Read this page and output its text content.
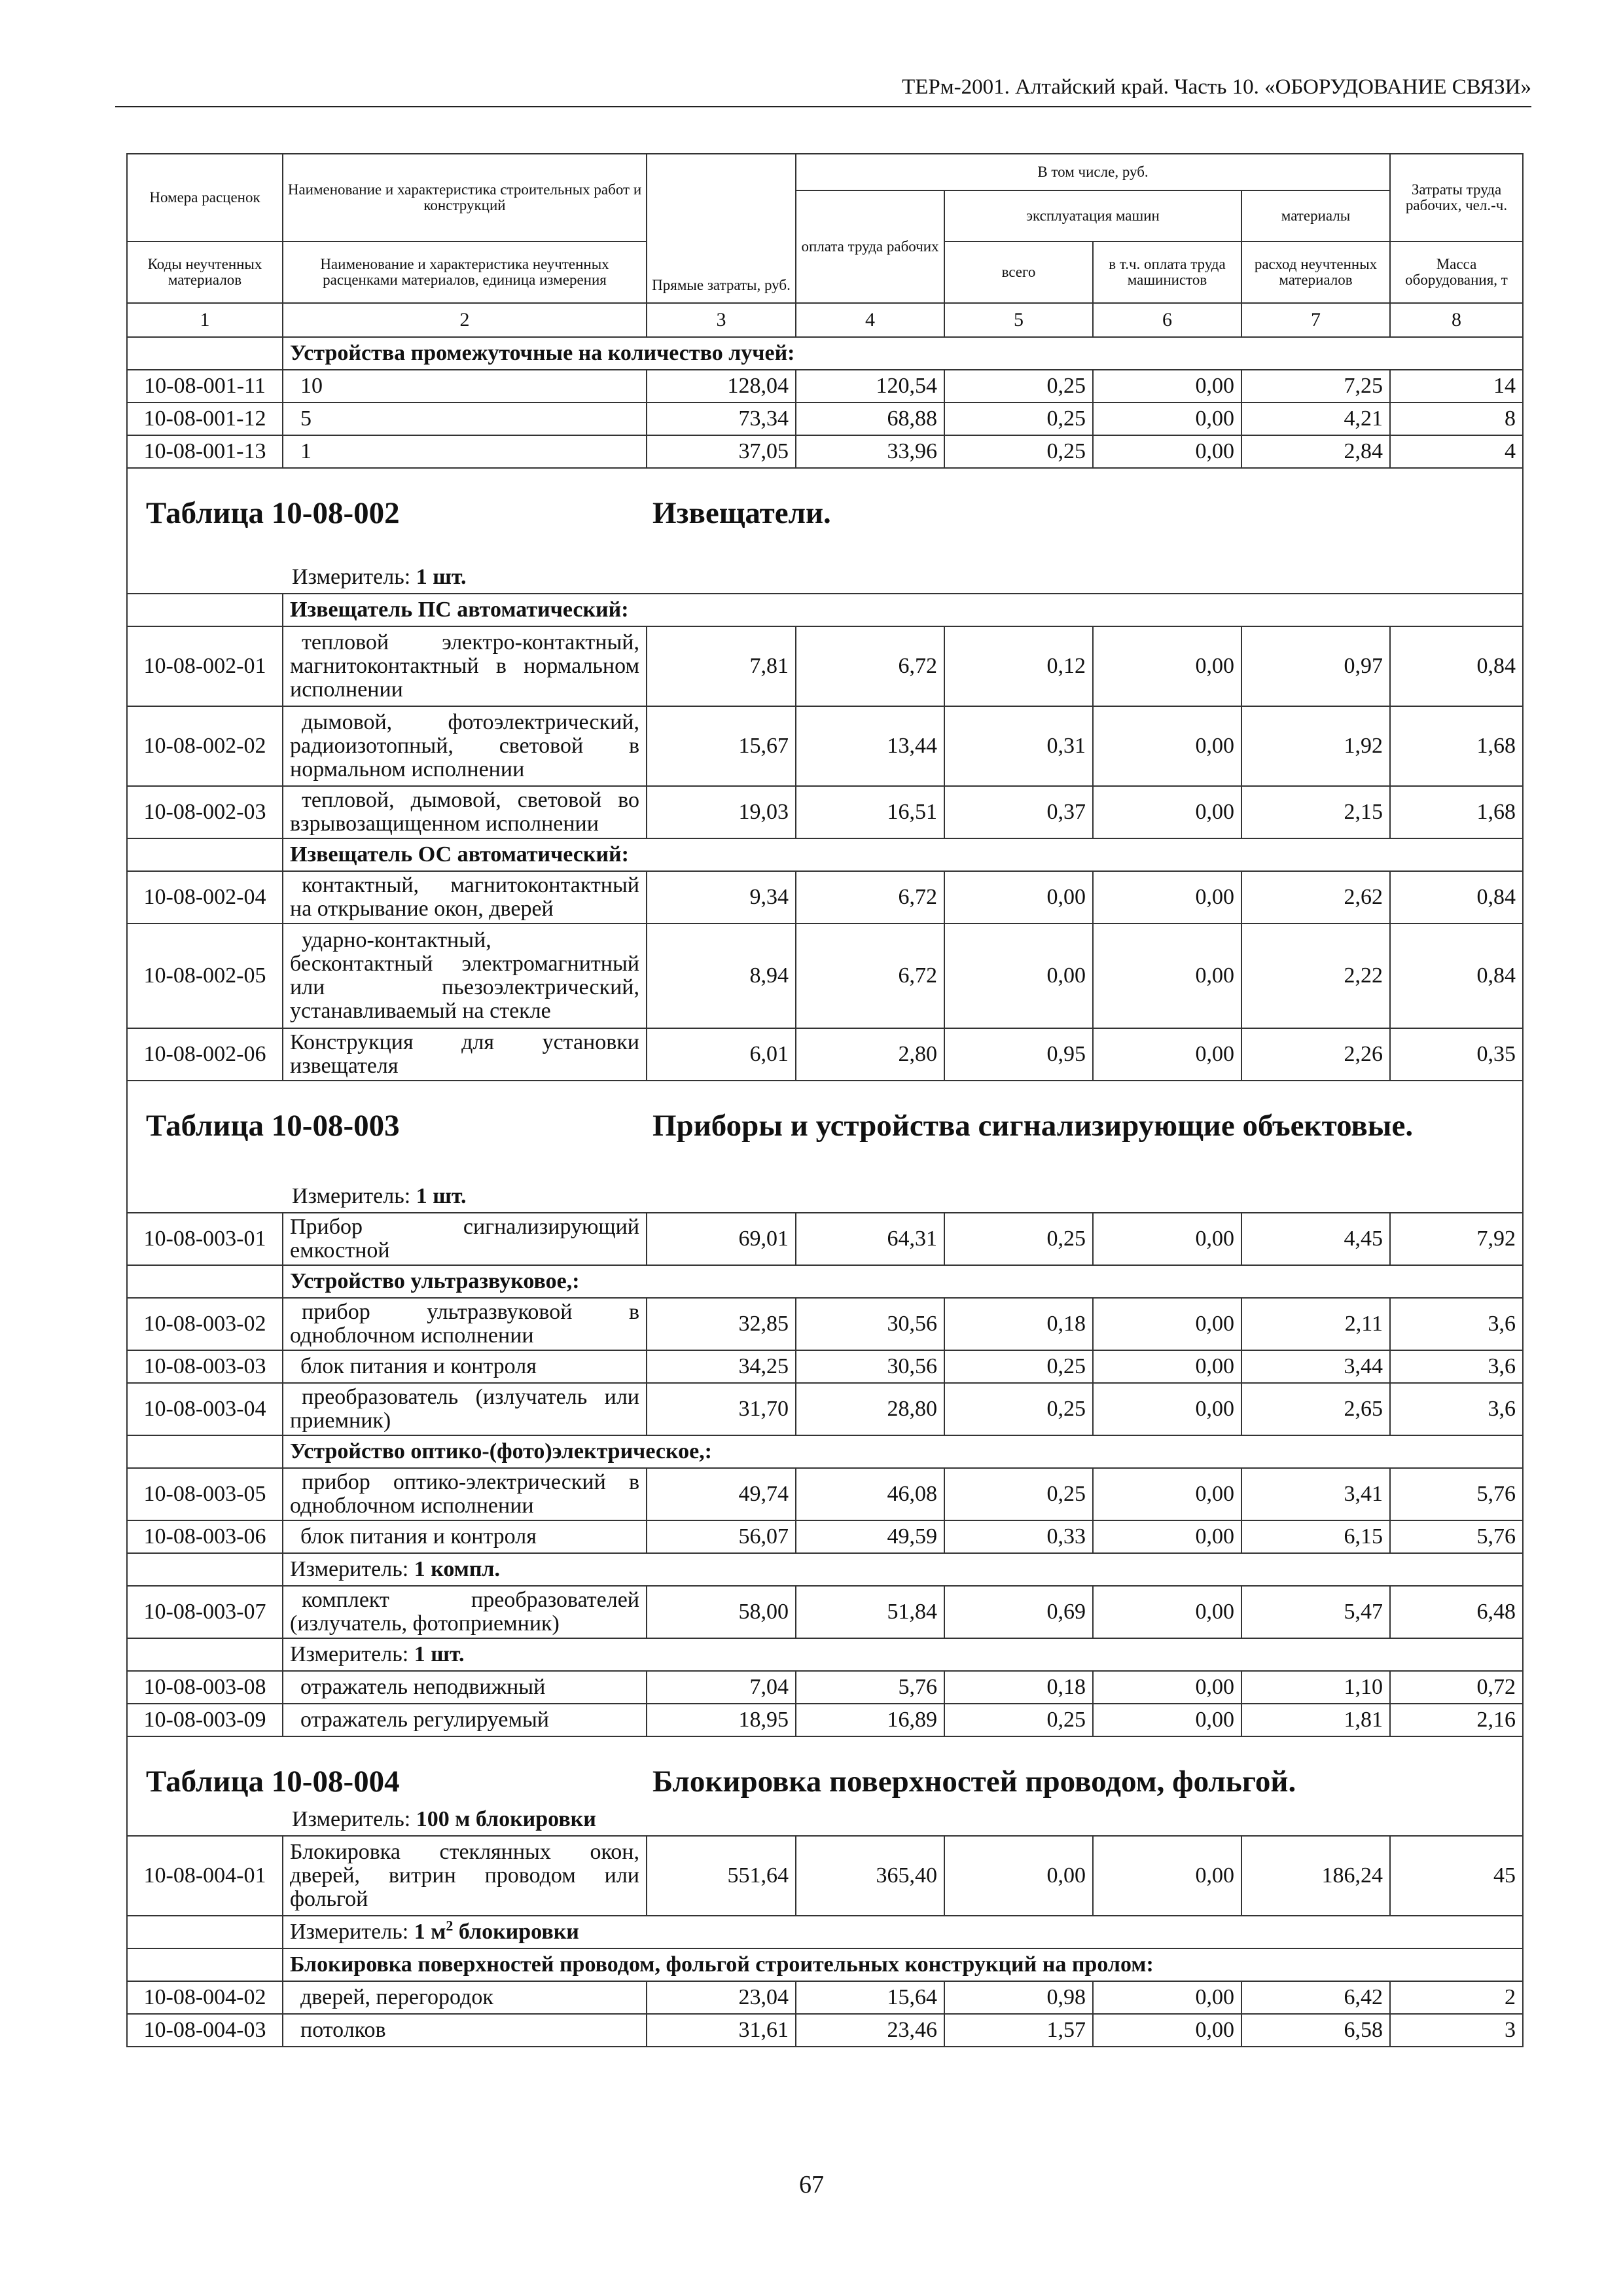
ТЕРм-2001. Алтайский край. Часть 10. «ОБОРУДОВАНИЕ СВЯЗИ»
Номера расценок	Наименование и характеристика строительных работ и конструкций	Прямые затраты, руб.	В том числе, руб.				Затраты труда рабочих, чел.-ч.
			оплата труда рабочих	эксплуатация машин		материалы	
Коды неучтенных материалов	Наименование и характеристика неучтенных расценками материалов, единица измерения			всего	в т.ч. оплата труда машинистов	расход неучтенных материалов	Масса оборудования, т
1	2	3	4	5	6	7	8
	Устройства промежуточные на количество лучей:						
10-08-001-11	10	128,04	120,54	0,25	0,00	7,25	14
10-08-001-12	5	73,34	68,88	0,25	0,00	4,21	8
10-08-001-13	1	37,05	33,96	0,25	0,00	2,84	4

Таблица 10-08-002 Извещатели.
Измеритель: 1 шт.							

	Извещатель ПС автоматический:						
10-08-002-01	тепловой электро-контактный, магнитоконтактный в нормальном исполнении	7,81	6,72	0,12	0,00	0,97	0,84
10-08-002-02	дымовой, фотоэлектрический, радиоизотопный, световой в нормальном исполнении	15,67	13,44	0,31	0,00	1,92	1,68
10-08-002-03	тепловой, дымовой, световой во взрывозащищенном исполнении	19,03	16,51	0,37	0,00	2,15	1,68
	Извещатель ОС автоматический:						
10-08-002-04	контактный, магнитоконтактный на открывание окон, дверей	9,34	6,72	0,00	0,00	2,62	0,84
10-08-002-05	ударно-контактный, бесконтактный электромагнитный или пьезоэлектрический, устанавливаемый на стекле	8,94	6,72	0,00	0,00	2,22	0,84
10-08-002-06	Конструкция для установки извещателя	6,01	2,80	0,95	0,00	2,26	0,35

Таблица 10-08-003 Приборы и устройства сигнализирующие объектовые.
Измеритель: 1 шт.							

10-08-003-01	Прибор сигнализирующий емкостной	69,01	64,31	0,25	0,00	4,45	7,92
	Устройство ультразвуковое,:						
10-08-003-02	прибор ультразвуковой в одноблочном исполнении	32,85	30,56	0,18	0,00	2,11	3,6
10-08-003-03	блок питания и контроля	34,25	30,56	0,25	0,00	3,44	3,6
10-08-003-04	преобразователь (излучатель или приемник)	31,70	28,80	0,25	0,00	2,65	3,6
	Устройство оптико-(фото)электрическое,:						
10-08-003-05	прибор оптико-электрический в одноблочном исполнении	49,74	46,08	0,25	0,00	3,41	5,76
10-08-003-06	блок питания и контроля	56,07	49,59	0,33	0,00	6,15	5,76
	Измеритель: 1 компл.						
10-08-003-07	комплект преобразователей (излучатель, фотоприемник)	58,00	51,84	0,69	0,00	5,47	6,48
	Измеритель: 1 шт.						
10-08-003-08	отражатель неподвижный	7,04	5,76	0,18	0,00	1,10	0,72
10-08-003-09	отражатель регулируемый	18,95	16,89	0,25	0,00	1,81	2,16

Таблица 10-08-004 Блокировка поверхностей проводом, фольгой.
Измеритель: 100 м блокировки							

10-08-004-01	Блокировка стеклянных окон, дверей, витрин проводом или фольгой	551,64	365,40	0,00	0,00	186,24	45
	Измеритель: 1 $м^2$ блокировки						
	Блокировка поверхностей проводом, фольгой строительных конструкций на пролом:						
10-08-004-02	дверей, перегородок	23,04	15,64	0,98	0,00	6,42	2
10-08-004-03	потолков	31,61	23,46	1,57	0,00	6,58	3
67
